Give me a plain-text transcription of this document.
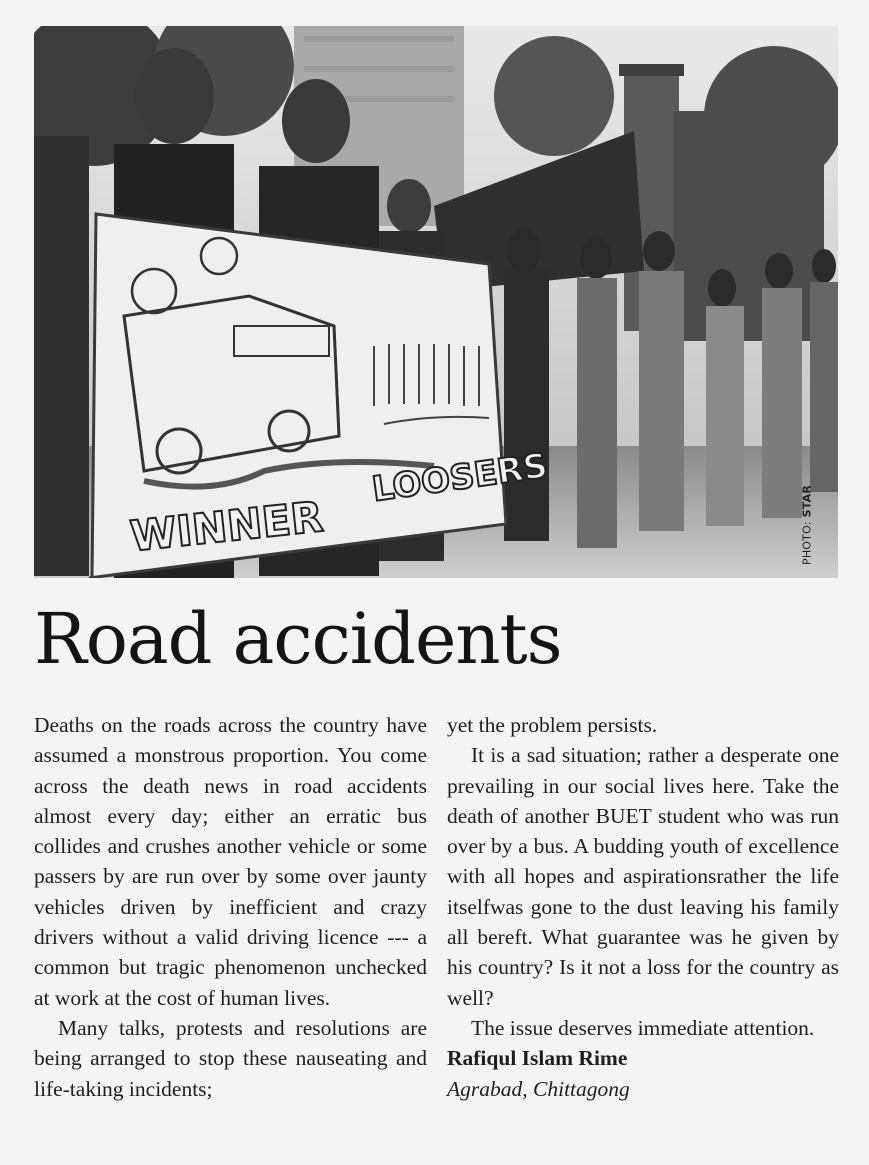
WINNER
LOOSERS
PHOTO: STAR
Road accidents

Deaths on the roads across the country have assumed a monstrous proportion. You come across the death news in road accidents almost every day; either an erratic bus collides and crushes another vehicle or some passers by are run over by some over jaunty vehicles driven by inefficient and crazy drivers without a valid driving licence --- a common but tragic phenomenon unchecked at work at the cost of human lives.

Many talks, protests and resolutions are being arranged to stop these nauseating and life-taking incidents;

yet the problem persists.

It is a sad situation; rather a desperate one prevailing in our social lives here. Take the death of another BUET student who was run over by a bus. A budding youth of excellence with all hopes and aspirationsrather the life itselfwas gone to the dust leaving his family all bereft. What guarantee was he given by his country? Is it not a loss for the country as well?

The issue deserves immediate attention.

Rafiqul Islam Rime
Agrabad, Chittagong
